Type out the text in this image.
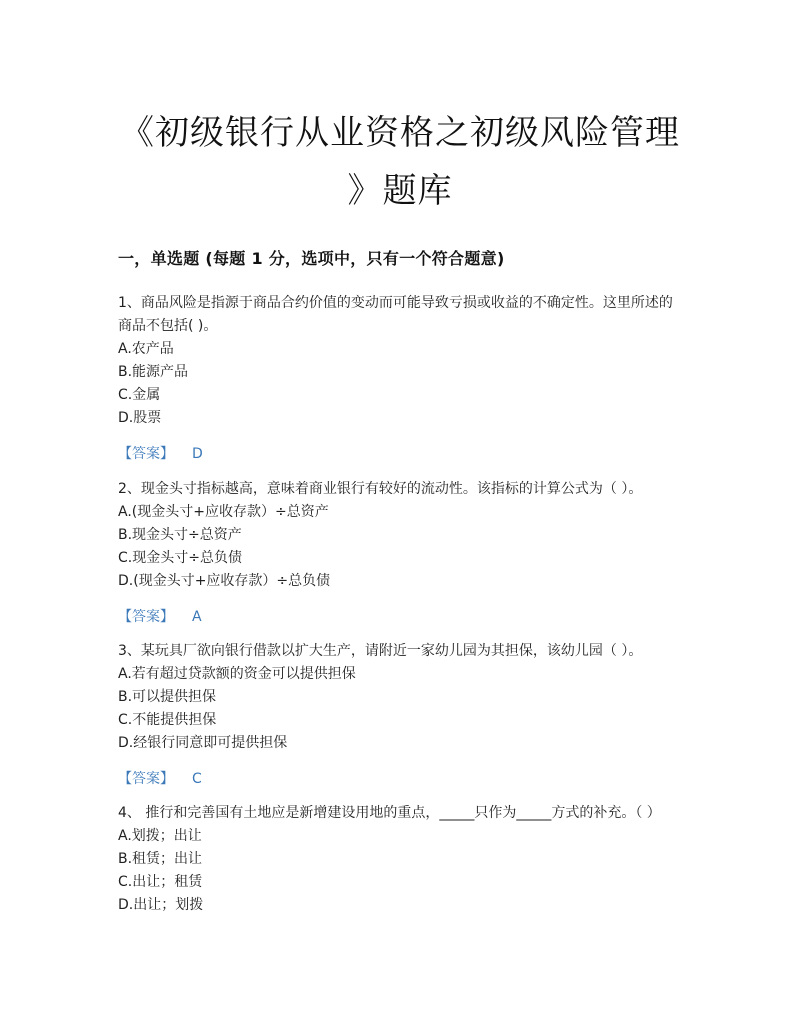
《初级银行从业资格之初级风险管理
》题库
一，单选题 (每题 1 分，选项中，只有一个符合题意)

1、商品风险是指源于商品合约价值的变动而可能导致亏损或收益的不确定性。这里所述的商品不包括( )。

A.农产品
B.能源产品
C.金属
D.股票
【答案】 D

2、现金头寸指标越高，意味着商业银行有较好的流动性。该指标的计算公式为（ ）。

A.(现金头寸+应收存款）÷总资产
B.现金头寸÷总资产
C.现金头寸÷总负债
D.(现金头寸+应收存款）÷总负债
【答案】 A

3、某玩具厂欲向银行借款以扩大生产，请附近一家幼儿园为其担保，该幼儿园（ ）。

A.若有超过贷款额的资金可以提供担保
B.可以提供担保
C.不能提供担保
D.经银行同意即可提供担保
【答案】 C

4、 推行和完善国有土地应是新增建设用地的重点，_____只作为_____方式的补充。（ ）

A.划拨；出让
B.租赁；出让
C.出让；租赁
D.出让；划拨
